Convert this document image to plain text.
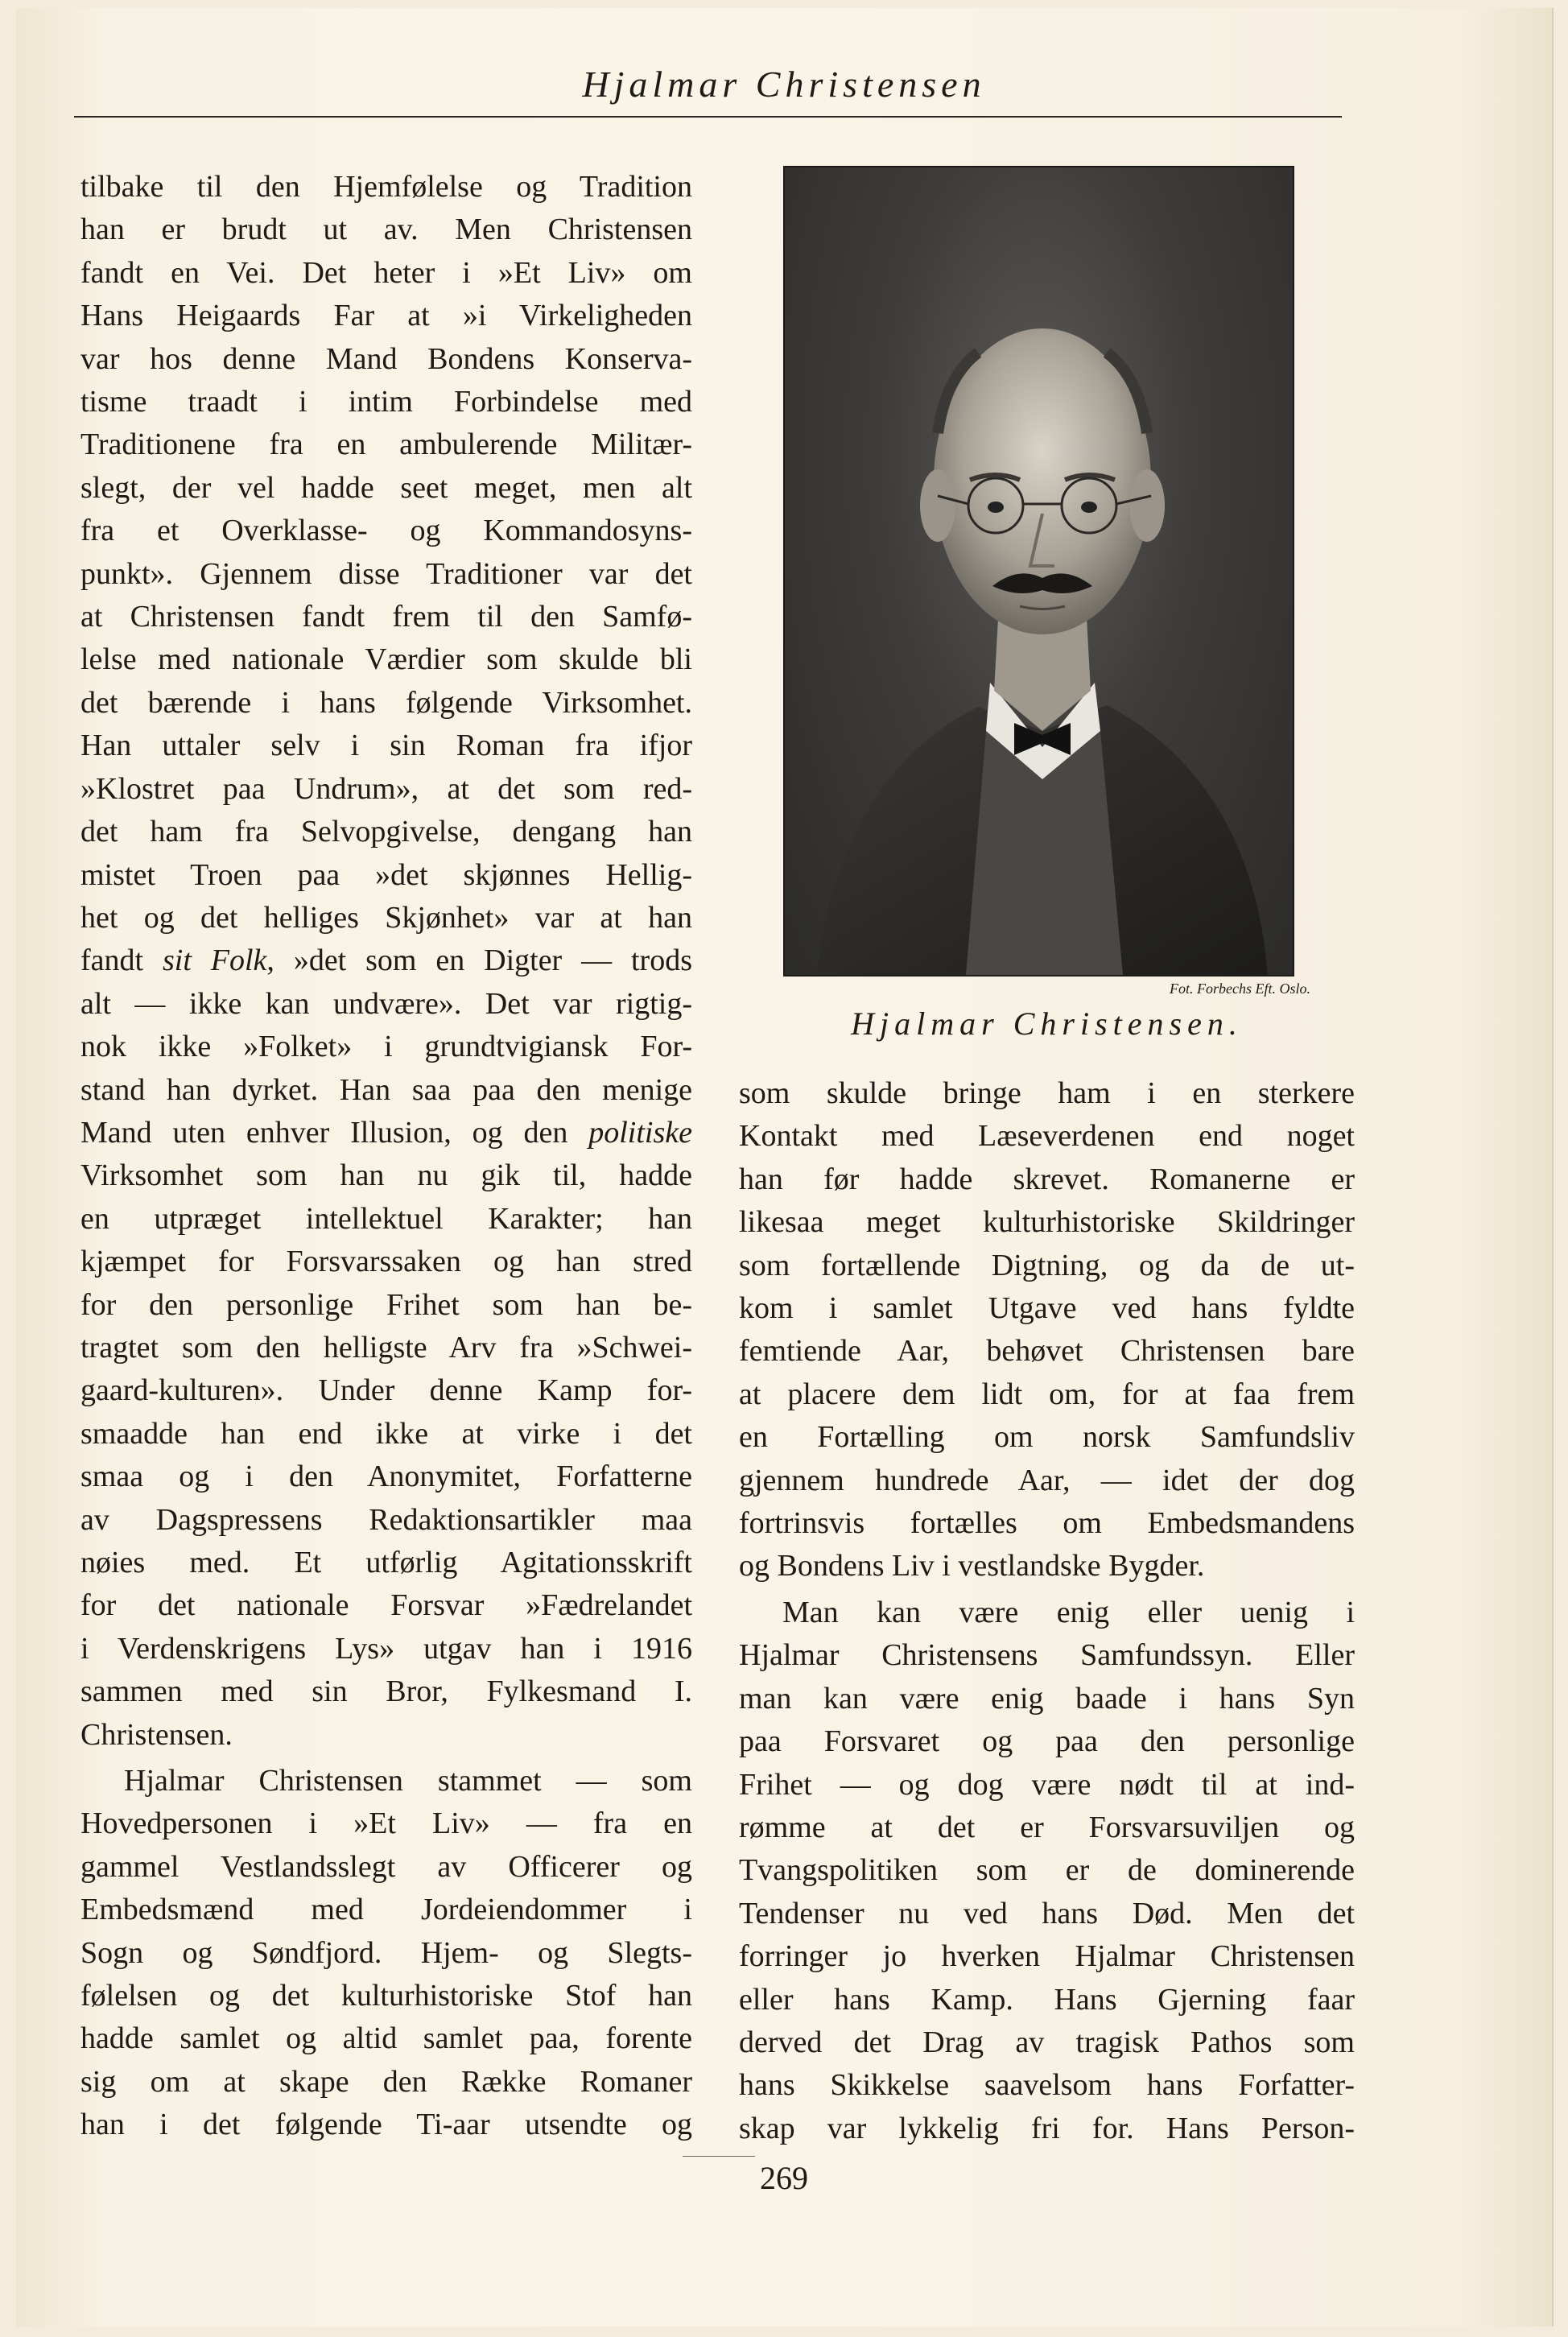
Hjalmar Christensen
tilbake til den Hjemfølelse og Tradition
han er brudt ut av. Men Christensen
fandt en Vei. Det heter i »Et Liv» om
Hans Heigaards Far at »i Virkeligheden
var hos denne Mand Bondens Konserva-
tisme traadt i intim Forbindelse med
Traditionene fra en ambulerende Militær-
slegt, der vel hadde seet meget, men alt
fra et Overklasse- og Kommandosyns-
punkt». Gjennem disse Traditioner var det
at Christensen fandt frem til den Samfø-
lelse med nationale Værdier som skulde bli
det bærende i hans følgende Virksomhet.
Han uttaler selv i sin Roman fra ifjor
»Klostret paa Undrum», at det som red-
det ham fra Selvopgivelse, dengang han
mistet Troen paa »det skjønnes Hellig-
het og det helliges Skjønhet» var at han
fandt sit Folk, »det som en Digter — trods
alt — ikke kan undvære». Det var rigtig-
nok ikke »Folket» i grundtvigiansk For-
stand han dyrket. Han saa paa den menige
Mand uten enhver Illusion, og den politiske
Virksomhet som han nu gik til, hadde
en utpræget intellektuel Karakter; han
kjæmpet for Forsvarssaken og han stred
for den personlige Frihet som han be-
tragtet som den helligste Arv fra »Schwei-
gaard-kulturen». Under denne Kamp for-
smaadde han end ikke at virke i det
smaa og i den Anonymitet, Forfatterne
av Dagspressens Redaktionsartikler maa
nøies med. Et utførlig Agitationsskrift
for det nationale Forsvar »Fædrelandet
i Verdenskrigens Lys» utgav han i 1916
sammen med sin Bror, Fylkesmand I.
Christensen.
Hjalmar Christensen stammet — som
Hovedpersonen i »Et Liv» — fra en
gammel Vestlandsslegt av Officerer og
Embedsmænd med Jordeiendommer i
Sogn og Søndfjord. Hjem- og Slegts-
følelsen og det kulturhistoriske Stof han
hadde samlet og altid samlet paa, forente
sig om at skape den Række Romaner
han i det følgende Ti-aar utsendte og
Fot. Forbechs Eft. Oslo.
Hjalmar Christensen.
som skulde bringe ham i en sterkere
Kontakt med Læseverdenen end noget
han før hadde skrevet. Romanerne er
likesaa meget kulturhistoriske Skildringer
som fortællende Digtning, og da de ut-
kom i samlet Utgave ved hans fyldte
femtiende Aar, behøvet Christensen bare
at placere dem lidt om, for at faa frem
en Fortælling om norsk Samfundsliv
gjennem hundrede Aar, — idet der dog
fortrinsvis fortælles om Embedsmandens
og Bondens Liv i vestlandske Bygder.
Man kan være enig eller uenig i
Hjalmar Christensens Samfundssyn. Eller
man kan være enig baade i hans Syn
paa Forsvaret og paa den personlige
Frihet — og dog være nødt til at ind-
rømme at det er Forsvarsuviljen og
Tvangspolitiken som er de dominerende
Tendenser nu ved hans Død. Men det
forringer jo hverken Hjalmar Christensen
eller hans Kamp. Hans Gjerning faar
derved det Drag av tragisk Pathos som
hans Skikkelse saavelsom hans Forfatter-
skap var lykkelig fri for. Hans Person-
269
